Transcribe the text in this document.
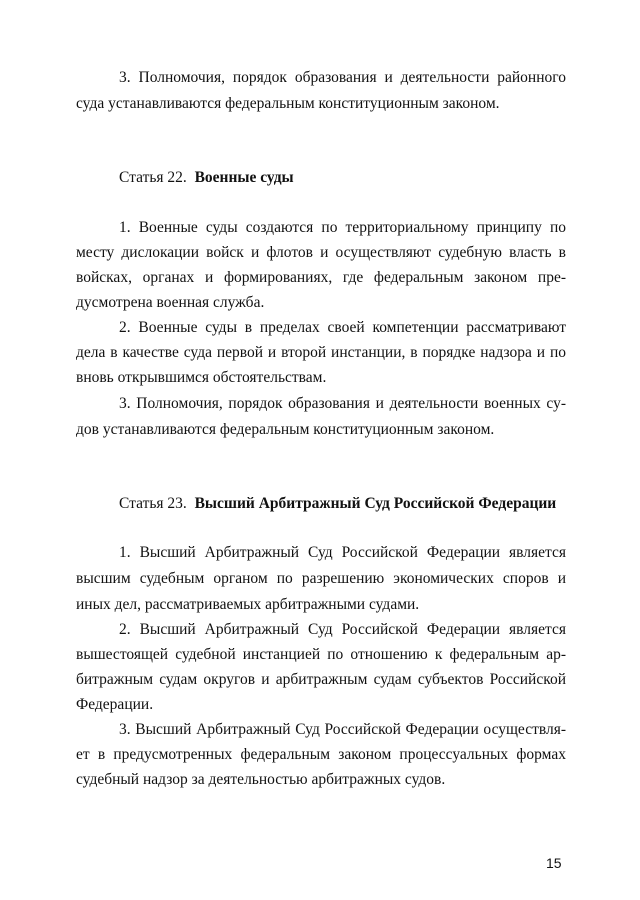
3. Полномочия, порядок образования и деятельности районного
суда устанавливаются федеральным конституционным законом.
Статья 22. Военные суды
1. Военные суды создаются по территориальному принципу по
месту дислокации войск и флотов и осуществляют судебную власть в
войсках, органах и формированиях, где федеральным законом пре-
дусмотрена военная служба.
2. Военные суды в пределах своей компетенции рассматривают
дела в качестве суда первой и второй инстанции, в порядке надзора и по
вновь открывшимся обстоятельствам.
3. Полномочия, порядок образования и деятельности военных су-
дов устанавливаются федеральным конституционным законом.
Статья 23. Высший Арбитражный Суд Российской Федерации
1. Высший Арбитражный Суд Российской Федерации является
высшим судебным органом по разрешению экономических споров и
иных дел, рассматриваемых арбитражными судами.
2. Высший Арбитражный Суд Российской Федерации является
вышестоящей судебной инстанцией по отношению к федеральным ар-
битражным судам округов и арбитражным судам субъектов Российской
Федерации.
3. Высший Арбитражный Суд Российской Федерации осуществля-
ет в предусмотренных федеральным законом процессуальных формах
судебный надзор за деятельностью арбитражных судов.
15
